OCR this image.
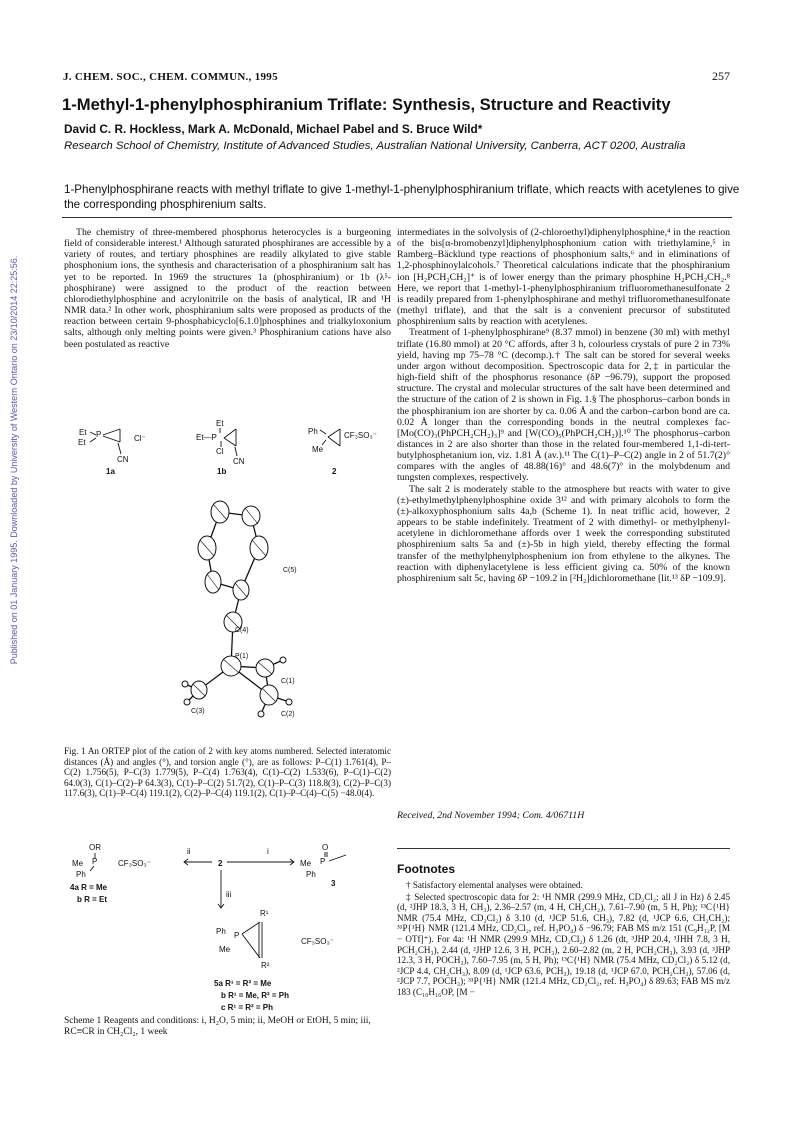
J. CHEM. SOC., CHEM. COMMUN., 1995	257
1-Methyl-1-phenylphosphiranium Triflate: Synthesis, Structure and Reactivity
David C. R. Hockless, Mark A. McDonald, Michael Pabel and S. Bruce Wild*
Research School of Chemistry, Institute of Advanced Studies, Australian National University, Canberra, ACT 0200, Australia
1-Phenylphosphirane reacts with methyl triflate to give 1-methyl-1-phenylphosphiranium triflate, which reacts with acetylenes to give the corresponding phosphirenium salts.
Published on 01 January 1995. Downloaded by University of Western Ontario on 23/10/2014 22:25:56.

The chemistry of three-membered phosphorus heterocycles is a burgeoning field of considerable interest.¹ Although saturated phosphiranes are accessible by a variety of routes, and tertiary phosphines are readily alkylated to give stable phosphonium ions, the synthesis and characterisation of a phosphiranium salt has yet to be reported. In 1969 the structures 1a (phosphiranium) or 1b (λ⁵-phosphirane) were assigned to the product of the reaction between chlorodiethylphosphine and acrylonitrile on the basis of analytical, IR and ¹H NMR data.² In other work, phosphiranium salts were proposed as products of the reaction between certain 9-phosphabicyclo[6.1.0]phosphines and trialkyloxonium salts, although only melting points were given.³ Phosphiranium cations have also been postulated as reactive

Et P
Et	Cl⁻
CN
1a
Et
Et—P
Cl
CN
1b
Ph
Me
CF₃SO₃⁻
2
C(5)
C(4)
P(1)
C(1)
C(3)	C(2)
Fig. 1 An ORTEP plot of the cation of 2 with key atoms numbered. Selected interatomic distances (Å) and angles (°), and torsion angle (°), are as follows: P–C(1) 1.761(4), P–C(2) 1.756(5), P–C(3) 1.779(5), P–C(4) 1.763(4), C(1)–C(2) 1.533(6), P–C(1)–C(2) 64.0(3), C(1)–C(2)–P 64.3(3), C(1)–P–C(2) 51.7(2), C(1)–P–C(3) 118.8(3), C(2)–P–C(3) 117.6(3), C(1)–P–C(4) 119.1(2), C(2)–P–C(4) 119.1(2), C(1)–P–C(4)–C(5) −48.0(4).
OR
Me P
Ph
CF₃SO₃⁻
ii
2
i	O
Me P
Ph
3
4a R = Me
b R = Et
iii
R¹
Ph P
Me
CF₃SO₃⁻
R²
5a R¹ = R² = Me
b R¹ = Me, R² = Ph
c R¹ = R² = Ph
Scheme 1 Reagents and conditions: i, H₂O, 5 min; ii, MeOH or EtOH, 5 min; iii, RC≡CR in CH₂Cl₂, 1 week

intermediates in the solvolysis of (2-chloroethyl)diphenylphosphine,⁴ in the reaction of the bis[α-bromobenzyl]diphenylphosphonium cation with triethylamine,⁵ in Ramberg–Bäcklund type reactions of phosphonium salts,⁶ and in eliminations of 1,2-phosphinoylalcohols.⁷ Theoretical calculations indicate that the phosphiranium ion [H₂PCH₂CH₂]⁺ is of lower energy than the primary phosphine H₂PCH₂CH₂.⁸ Here, we report that 1-methyl-1-phenylphosphiranium trifluoromethanesulfonate 2 is readily prepared from 1-phenylphosphirane and methyl trifluoromethanesulfonate (methyl triflate), and that the salt is a convenient precursor of substituted phosphirenium salts by reaction with acetylenes.

Treatment of 1-phenylphosphirane⁹ (8.37 mmol) in benzene (30 ml) with methyl triflate (16.80 mmol) at 20 °C affords, after 3 h, colourless crystals of pure 2 in 73% yield, having mp 75–78 °C (decomp.).† The salt can be stored for several weeks under argon without decomposition. Spectroscopic data for 2,‡ in particular the high-field shift of the phosphorus resonance (δP −96.79), support the proposed structure. The crystal and molecular structures of the salt have been determined and the structure of the cation of 2 is shown in Fig. 1.§ The phosphorus–carbon bonds in the phosphiranium ion are shorter by ca. 0.06 Å and the carbon–carbon bond are ca. 0.02 Å longer than the corresponding bonds in the neutral complexes fac-[Mo(CO)₃(PhPCH₂CH₂)₃]⁹ and [W(CO)₅(PhPCH₂CH₂)].¹⁰ The phosphorus–carbon distances in 2 are also shorter than those in the related four-membered 1,1-di-tert-butylphosphetanium ion, viz. 1.81 Å (av.).¹¹ The C(1)–P–C(2) angle in 2 of 51.7(2)° compares with the angles of 48.88(16)° and 48.6(7)° in the molybdenum and tungsten complexes, respectively.

The salt 2 is moderately stable to the atmosphere but reacts with water to give (±)-ethylmethylphenylphosphine oxide 3¹² and with primary alcohols to form the (±)-alkoxyphosphonium salts 4a,b (Scheme 1). In neat triflic acid, however, 2 appears to be stable indefinitely. Treatment of 2 with dimethyl- or methylphenyl-acetylene in dichloromethane affords over 1 week the corresponding substituted phosphirenium salts 5a and (±)-5b in high yield, thereby effecting the formal transfer of the methylphenylphosphenium ion from ethylene to the alkynes. The reaction with diphenylacetylene is less efficient giving ca. 50% of the known phosphirenium salt 5c, having δP −109.2 in [²H₂]dichloromethane [lit.¹³ δP −109.9].

Received, 2nd November 1994; Com. 4/06711H
Footnotes

† Satisfactory elemental analyses were obtained.

‡ Selected spectroscopic data for 2: ¹H NMR (299.9 MHz, CD₂Cl₂; all J in Hz) δ 2.45 (d, ²JHP 18.3, 3 H, CH₃), 2.36–2.57 (m, 4 H, CH₂CH₂), 7.61–7.90 (m, 5 H, Ph); ¹³C{¹H} NMR (75.4 MHz, CD₂Cl₂) δ 3.10 (d, ¹JCP 51.6, CH₃), 7.82 (d, ¹JCP 6.6, CH₂CH₂); ³¹P{¹H} NMR (121.4 MHz, CD₂Cl₂, ref. H₃PO₄) δ −96.79; FAB MS m/z 151 (C₉H₁₂P, [M − OTf]⁺). For 4a: ¹H NMR (299.9 MHz, CD₂Cl₂) δ 1.26 (dt, ³JHP 20.4, ³JHH 7.8, 3 H, PCH₂CH₃), 2.44 (d, ²JHP 12.6, 3 H, PCH₃), 2.60–2.82 (m, 2 H, PCH₂CH₃), 3.93 (d, ³JHP 12.3, 3 H, POCH₃), 7.60–7.95 (m, 5 H, Ph); ¹³C{¹H} NMR (75.4 MHz, CD₂Cl₂) δ 5.12 (d, ²JCP 4.4, CH₂CH₃), 8.09 (d, ¹JCP 63.6, PCH₃), 19.18 (d, ¹JCP 67.0, PCH₂CH₃), 57.06 (d, ²JCP 7.7, POCH₃); ³¹P{¹H} NMR (121.4 MHz, CD₂Cl₂, ref. H₃PO₄) δ 89.63; FAB MS m/z 183 (C₁₀H₁₆OP, [M −
